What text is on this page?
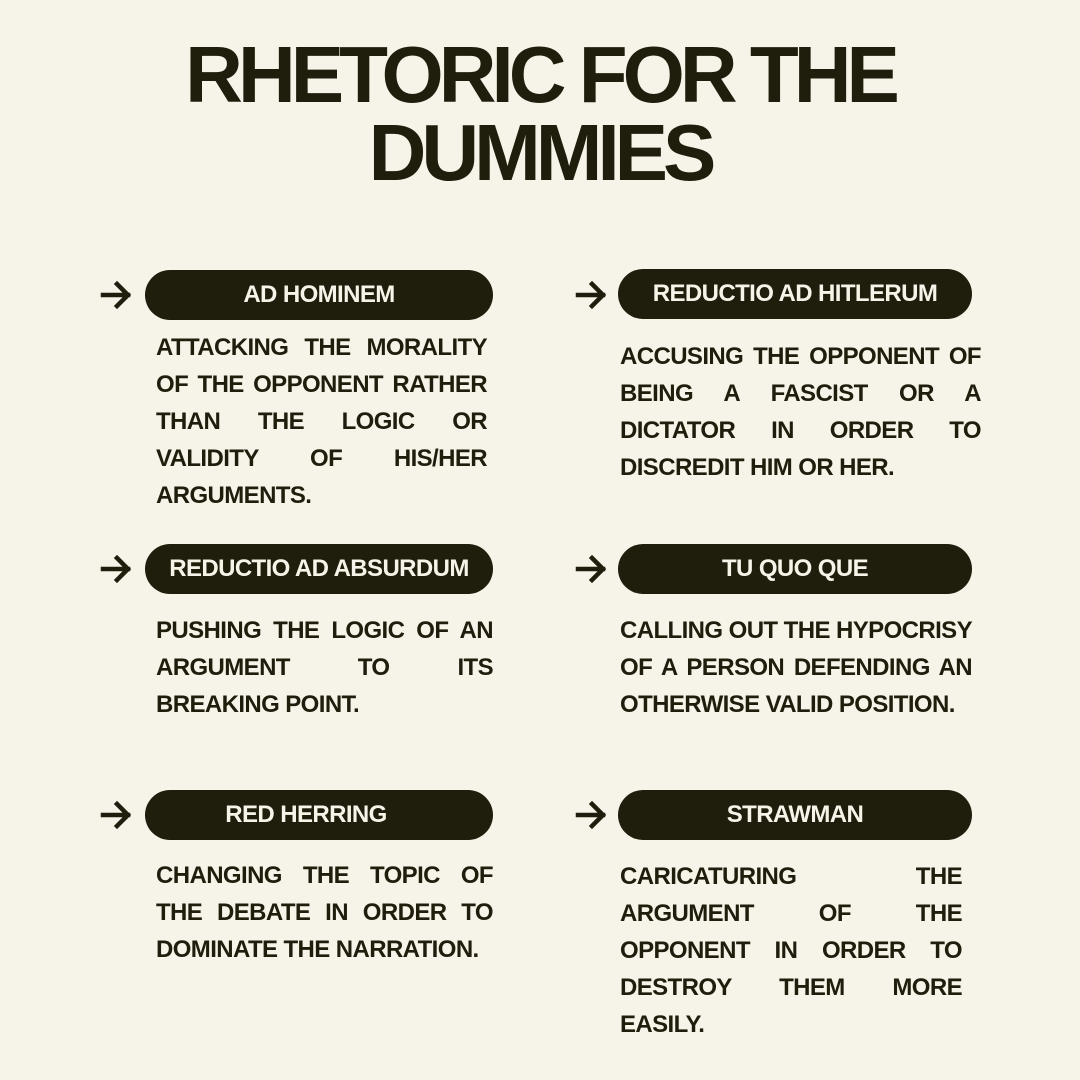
RHETORIC FOR THE
DUMMIES
AD HOMINEM

ATTACKING THE MORALITY OF THE OPPONENT RATHER THAN THE LOGIC OR VALIDITY OF HIS/HER ARGUMENTS.

REDUCTIO AD HITLERUM

ACCUSING THE OPPONENT OF BEING A FASCIST OR A DICTATOR IN ORDER TO DISCREDIT HIM OR HER.

REDUCTIO AD ABSURDUM

PUSHING THE LOGIC OF AN ARGUMENT TO ITS BREAKING POINT.

TU QUO QUE

CALLING OUT THE HYPOCRISY OF A PERSON DEFENDING AN OTHERWISE VALID POSITION.

RED HERRING

CHANGING THE TOPIC OF THE DEBATE IN ORDER TO DOMINATE THE NARRATION.

STRAWMAN

CARICATURING THE ARGUMENT OF THE OPPONENT IN ORDER TO DESTROY THEM MORE EASILY.
